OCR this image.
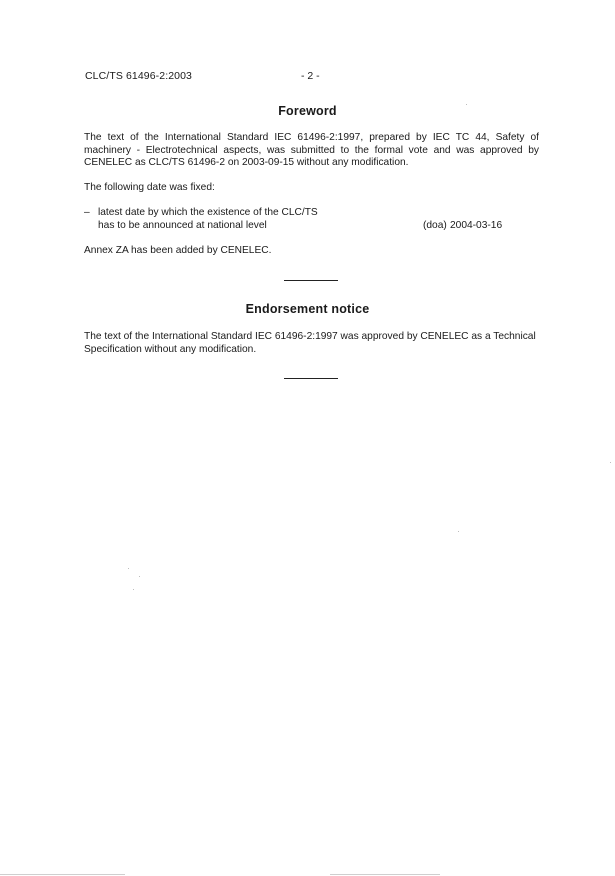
CLC/TS 61496-2:2003	- 2 -
Foreword
The text of the International Standard IEC 61496-2:1997, prepared by IEC TC 44, Safety of
machinery - Electrotechnical aspects, was submitted to the formal vote and was approved by
CENELEC as CLC/TS 61496-2 on 2003-09-15 without any modification.
The following date was fixed:
– latest date by which the existence of the CLC/TS
has to be announced at national level	(doa) 2004-03-16
Annex ZA has been added by CENELEC.
Endorsement notice
The text of the International Standard IEC 61496-2:1997 was approved by CENELEC as a Technical
Specification without any modification.
